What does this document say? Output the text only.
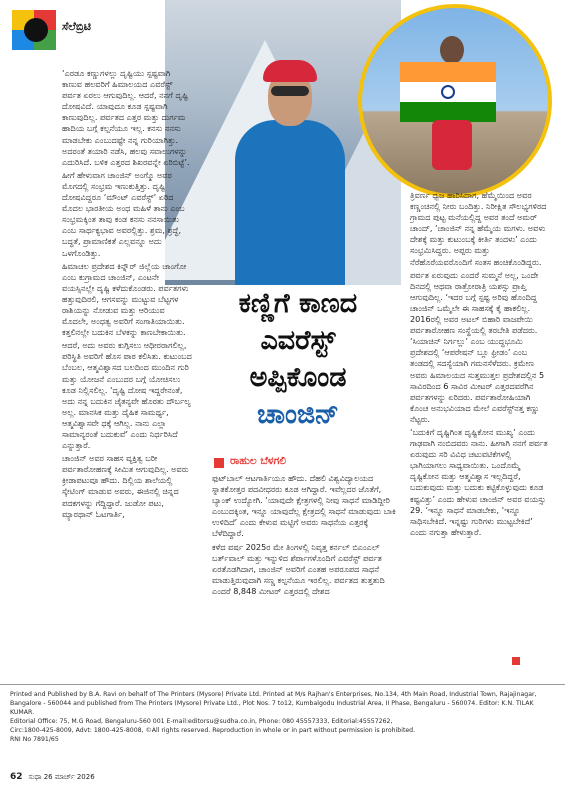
ಸೆಲೆಬ್ರಿಟಿ
ಕಣ್ಣಿಗೆ ಕಾಣದ
ಎವರೆಸ್ಟ್
ಅಪ್ಪಿಕೊಂಡ
ಚಾಂಜಿನ್
ರಾಹುಲ ಬೆಳಗಲಿ

‘ಎರಡೂ ಕಣ್ಣುಗಳಲ್ಲು ದೃಷ್ಟಿಯು ಸ್ಪಷ್ಟವಾಗಿ ಕಾಣುವ ಹಲವರಿಗೆ ಹಿಮಾಲಯದ ಎವರೆಸ್ಟ್ ಪರ್ವತ ಏರಲು ಆಗುವುದಿಲ್ಲ. ಆದರೆ, ನನಗೆ ದೃಷ್ಟಿ ದೋಷವಿದೆ. ಯಾವುದೂ ಕೂಡ ಸ್ಪಷ್ಟವಾಗಿ ಕಾಣುವುದಿಲ್ಲ. ಪರ್ವತದ ಎತ್ತರ ಮತ್ತು ದುರ್ಗಮ ಹಾದಿಯ ಬಗ್ಗೆ ಕಲ್ಪನೆಯೂ ಇಲ್ಲ. ಕನಸು ನನಸು ಮಾಡಬೇಕು ಎಂಬುದಷ್ಟೇ ನನ್ನ ಗುರಿಯಾಗಿತ್ತು. ಅದರಂತೆ ತಯಾರಿ ನಡೆಸಿ, ಹಲವು ಸವಾಲುಗಳನ್ನು ಎದುರಿಸಿದೆ. ಬಳಿಕ ಎತ್ತರದ ಶಿಖರವನ್ನೇ ಏರಿಬಿಟ್ಟೆ’.

ಹೀಗೆ ಹೇಳುವಾಗ ಚಾಂಜಿನ್ ಅಂಗ್ಮೊ ಅವರ ಮೊಗದಲ್ಲಿ ಸಂಭ್ರಮ ಇಣುಕುತ್ತಿತ್ತು. ದೃಷ್ಟಿ ದೋಷವಿದ್ದರೂ ‘ಮೌಂಟ್ ಎವರೆಸ್ಟ್’ ಏರಿದ ಮೊದಲ ಭಾರತೀಯ ಅಂಧ ಮಹಿಳೆ ತಾನು ಎಂಬ ಸಂಭ್ರಮಕ್ಕಿಂತ ತಾವು ಕಂಡ ಕನಸು ನನಸಾಯಿತು ಎಂಬ ಸಾರ್ಥಕ್ಯಭಾವ ಅವರಲ್ಲಿತ್ತು. ಶ್ರಮ, ಶ್ರದ್ಧೆ, ಬದ್ಧತೆ, ಪ್ರಾಮಾಣಿಕತೆ ಎಲ್ಲವನ್ನೂ ಅದು ಒಳಗೊಂಡಿತ್ತು.

ಹಿಮಾಚಲ ಪ್ರದೇಶದ ಕಿನ್ನೌರ್ ಜಿಲ್ಲೆಯ ಚಾಂಗೋ ಎಂಬ ಕುಗ್ರಾಮದ ಚಾಂಜಿನ್, ಎಂಟನೇ ವಯಸ್ಸಿನಲ್ಲೇ ದೃಷ್ಟಿ ಕಳೆದುಕೊಂಡರು. ಪರ್ವತಗಳು ಹತ್ತುವುದಿರಲಿ, ಆಗಸವನ್ನು ಮುಟ್ಟುವ ಬೆಟ್ಟಗಳ ರಾಶಿಯನ್ನು ನೋಡುವ ಮತ್ತು ಆರಿಯುವ ಮೊದಲೇ, ಅಂಧತ್ವ ಅವರಿಗೆ ಸಂಗಾತಿಯಾಯಿತು. ಕತ್ತಲಿನಲ್ಲೇ ಬದುಕಿನ ಬೆಳಕನ್ನು ಕಾಣಬೇಕಾಯಿತು.

ಆದರೆ, ಅದು ಅವರು ಕುಗ್ಗಿಸಲು ಆಧೀರರಾಗಲಿಲ್ಲ, ಪರಿಸ್ಥಿತಿ ಅವರಿಗೆ ಹೊಸ ಪಾಠ ಕಲಿಸಿತು. ಕುಟುಂಬದ ಬೆಂಬಲ, ಆತ್ಮವಿಶ್ವಾಸದ ಬಲದಿಂದ ಮುಂದಿನ ಗುರಿ ಮತ್ತು ಯೋಜನೆ ಎಂಬುದರ ಬಗ್ಗೆ ಯೋಚಿಸಲು ಕೂಡ ನಿಲ್ಲಿಸಲಿಲ್ಲ. ‘ದೃಷ್ಟಿ ದೋಷ ಇದ್ದರೇನಂತೆ, ಅದು ನನ್ನ ಬದುಕಿನ ಚೈತನ್ಯವೇ ಹೊರತು ದೌರ್ಬಲ್ಯ ಅಲ್ಲ. ಮಾನಸಿಕ ಮತ್ತು ದೈಹಿಕ ಸಾಮರ್ಥ್ಯ, ಆತ್ಮವಿಶ್ವಾಸವೇ ಧಕ್ಕೆ ಆಗಿಲ್ಲ. ನಾನು ಎಲ್ಲಾ ಸಾಮಾನ್ಯರಂತೆ ಬದುಕುವೆ’ ಎಂದು ನಿರ್ಧರಿಸಿದೆ ಎನ್ನುತ್ತಾರೆ.

ಚಾಂಜಿನ್ ಅವರ ಸಾಹಸ ವ್ಯಕ್ತಿತ್ವ ಬರೀ ಪರ್ವತಾರೋಹಣಕ್ಕೆ ಸೀಮಿತ ಆಗುವುದಿಲ್ಲ. ಅವರು ಕ್ರೀಡಾಪಟುವೂ ಹೌದು. ದಿಲ್ಲಿಯ ಶಾಲೆಯಲ್ಲಿ ಸ್ಕೇಟಿಂಗ್ ಮಾಡುವ ಅವರು, ಈಜಿನಲ್ಲಿ ಚಿನ್ನದ ಪದಕಗಳನ್ನು ಗೆದ್ದಿದ್ದಾರೆ. ಜುಡೋ ಪಟು, ಮ್ಯಾರಥಾನ್ ಓಟಗಾರ್ತಿ,

ಫುಟ್‌ಬಾಲ್ ಆಟಗಾರ್ತಿಯೂ ಹೌದು. ದೆಹಲಿ ವಿಶ್ವವಿದ್ಯಾಲಯದ ಸ್ನಾತಕೋತ್ತರ ಪದವೀಧರರು ಕೂಡ ಆಗಿದ್ದಾರೆ. ಇವೆಲ್ಲದರ ಜೊತೆಗೆ, ಬ್ಯಾಂಕ್ ಉದ್ಯೋಗಿ. ‘ಯಾವುದೇ ಕ್ಷೇತ್ರಗಳಲ್ಲಿ ನೀವು ಸಾಧನೆ ಮಾಡಿದ್ದೀರಿ ಎಂಬುದಕ್ಕಿಂತ, ಇನ್ನೂ ಯಾವುದೆಲ್ಲ ಕ್ಷೇತ್ರದಲ್ಲಿ ಸಾಧನೆ ಮಾಡುವುದು ಬಾಕಿ ಉಳಿದಿದೆ’ ಎಂದು ಕೇಳುವ ಮಟ್ಟಿಗೆ ಅವರು ಸಾಧನೆಯ ಎತ್ತರಕ್ಕೆ ಬೆಳೆದಿದ್ದಾರೆ.

ಕಳೆದ ವರ್ಷ 2025ರ ಮೇ ತಿಂಗಳಲ್ಲಿ ನಿವೃತ್ತ ಕರ್ನಲ್ ಬಿಎಂಎಲ್ ಬರ್ತ್‌ವಾಲ್ ಮತ್ತು ಇನ್ನುಳಿದ ಶೆರ್ಪಾಗಳೊಂದಿಗೆ ಎವರೆಸ್ಟ್ ಪರ್ವತ ಏರತೊಡಗಿದಾಗ, ಚಾಂಜಿನ್ ಅವರಿಗೆ ಎಂತಹ ಅಪರೂಪದ ಸಾಧನೆ ಮಾಡುತ್ತಿರುವುದಾಗಿ ಸಣ್ಣ ಕಲ್ಪನೆಯೂ ಇರಲಿಲ್ಲ. ಪರ್ವತದ ತುತ್ತತುದಿ ಎಂದರೆ 8,848 ಮೀಟರ್ ಎತ್ತರದಲ್ಲಿ ದೇಶದ

ತ್ರಿವರ್ಣ ಧ್ವಜ ಹಾರಿಸಿದಾಗ, ಹೆಮ್ಮೆಯಿಂದ ಅವರ ಕಣ್ಣಂಚಿನಲ್ಲಿ ನೀರು ಬಂದಿತ್ತು. ನಿರೀಕ್ಷಿತ ಸೌಲಭ್ಯಗಳಿರದ ಗ್ರಾಮದ ಪುಟ್ಟ ಮನೆಯಲ್ಲಿದ್ದ ಅವರ ತಂದೆ ಅಮರ್ ಚಾಂದ್, ‘ಚಾಂಜಿನ್ ನನ್ನ ಹೆಮ್ಮೆಯ ಮಗಳು. ಅವಳು ದೇಶಕ್ಕೆ ಮತ್ತು ಕುಟುಂಬಕ್ಕೆ ಕೀರ್ತಿ ತಂದಳು’ ಎಂದು ಸಂಭ್ರಮಿಸಿದ್ದರು. ಅಪ್ಪರು ಮತ್ತು ನೆರೆಹೊರೆಯವರೊಂದಿಗೆ ಸಂತಸ ಹಂಚಿಕೊಂಡಿದ್ದರು.

ಪರ್ವತ ಏರುವುದು ಎಂದರೆ ಸುಮ್ಮನೆ ಅಲ್ಲ, ಒಂದೇ ದಿನದಲ್ಲಿ ಆಥವಾ ರಾತ್ರೋರಾತ್ರಿ ಯಶಸ್ಸು ಪ್ರಾಪ್ತಿ ಆಗುವುದಿಲ್ಲ. ‘ಇದರ ಬಗ್ಗೆ ಸ್ಪಷ್ಟ ಅರಿವು ಹೊಂದಿದ್ದ ಚಾಂಜಿನ್ ಒಮ್ಮೆಲೇ ಈ ಸಾಹಸಕ್ಕೆ ಕೈ ಹಾಕಲಿಲ್ಲ. 2016ರಲ್ಲಿ ಅವರ ಅಟಲ್ ಬಿಹಾರಿ ವಾಜಪೇಯಿ ಪರ್ವತಾರೋಹಣ ಸಂಸ್ಥೆಯಲ್ಲಿ ತರಬೇತಿ ಪಡೆದರು. ‘ಸಿಯಾಚಿನ್ ನಿರ್ಗಲ್ಲು’ ಎಂಬ ಯುದ್ಧಭೂಮಿ ಪ್ರದೇಶದಲ್ಲಿ ‘ಆಪರೇಷನ್ ಬ್ಲೂ ಫ್ರೀಡಂ’ ಎಂಬ ತಂಡದಲ್ಲಿ ಸದಸ್ಯೆಯಾಗಿ ಗಮನಸೆಳೆದರು. ಕ್ರಮೇಣ ಅವರು ಹಿಮಾಲಯದ ಸುತ್ತಮುತ್ತಲ ಪ್ರದೇಶದಲ್ಲಿನ 5 ಸಾವಿರದಿಂದ 6 ಸಾವಿರ ಮೀಟರ್ ಎತ್ತರದವರೆಗಿನ ಪರ್ವತಗಳನ್ನು ಏರಿದರು. ಪರ್ವತಾರೋಹಿಯಾಗಿ ಕೊಂಚ ಅನುಭವಿಯಾದ ಮೇಲೆ ಎವರೆಸ್ಟ್‌ನತ್ತ ಕಣ್ಣು ನೆಟ್ಟರು.

‘ಬದುಕಿಗೆ ದೃಷ್ಟಿಗಿಂತ ದೃಷ್ಟಿಕೋನ ಮುಖ್ಯ’ ಎಂದು ಗಾಢವಾಗಿ ನಂಬಿದವರು ನಾನು. ಹೀಗಾಗಿ ನನಗೆ ಪರ್ವತ ಏರುವುದು ಸರಿ ವಿವಿಧ ಚಟುವಟಿಕೆಗಳಲ್ಲಿ ಭಾಗಿಯಾಗಲು ಸಾಧ್ಯವಾಯಿತು. ಒಂದೊಮ್ಮೆ ದೃಷ್ಟಿಕೋನ ಮತ್ತು ಆತ್ಮವಿಶ್ವಾಸ ಇಲ್ಲದಿದ್ದರೆ, ಬದುಕುವುದು ಮತ್ತು ಬದುಕು ಕಟ್ಟಿಕೊಳ್ಳುವುದು ಕೂಡ ಕಷ್ಟವಿತ್ತು’ ಎಂದು ಹೇಳುವ ಚಾಂಜಿನ್ ಅವರ ವಯಸ್ಸು 29. ‘ಇನ್ನೂ ಸಾಧನೆ ಮಾಡಬೇಕು, ‘ಇನ್ನೂ ಸಾಧಿಸಬೇಕಿದೆ. ಇನ್ನಷ್ಟು ಗುರಿಗಳು ಮುಟ್ಟಬೇಕಿದೆ’ ಎಂದು ನಗುತ್ತಾ ಹೇಳುತ್ತಾರೆ.

Printed and Published by B.A. Ravi on behalf of The Printers (Mysore) Private Ltd. Printed at M/s Rajhan's Enterprises, No.134, 4th Main Road, Industrial Town, Rajajinagar, Bangalore - 560044 and published from The Printers (Mysore) Private Ltd., Plot Nos. 7 to12, Kumbalgodu Industrial Area, II Phase, Bengaluru - 560074. Editor: K.N. TILAK KUMAR.

Editorial Office: 75, M.G Road, Bengaluru-560 001 E-mail:editorsu@sudha.co.in, Phone: 080 45557333, Editorial:45557262,

Circ:1800-425-8009, Advt: 1800-425-8008, ©All rights reserved. Reproduction in whole or in part without permission is prohibited.

RNI No 7891/65

62 ಸುಧಾ 26 ಮಾರ್ಚ್ 2026
